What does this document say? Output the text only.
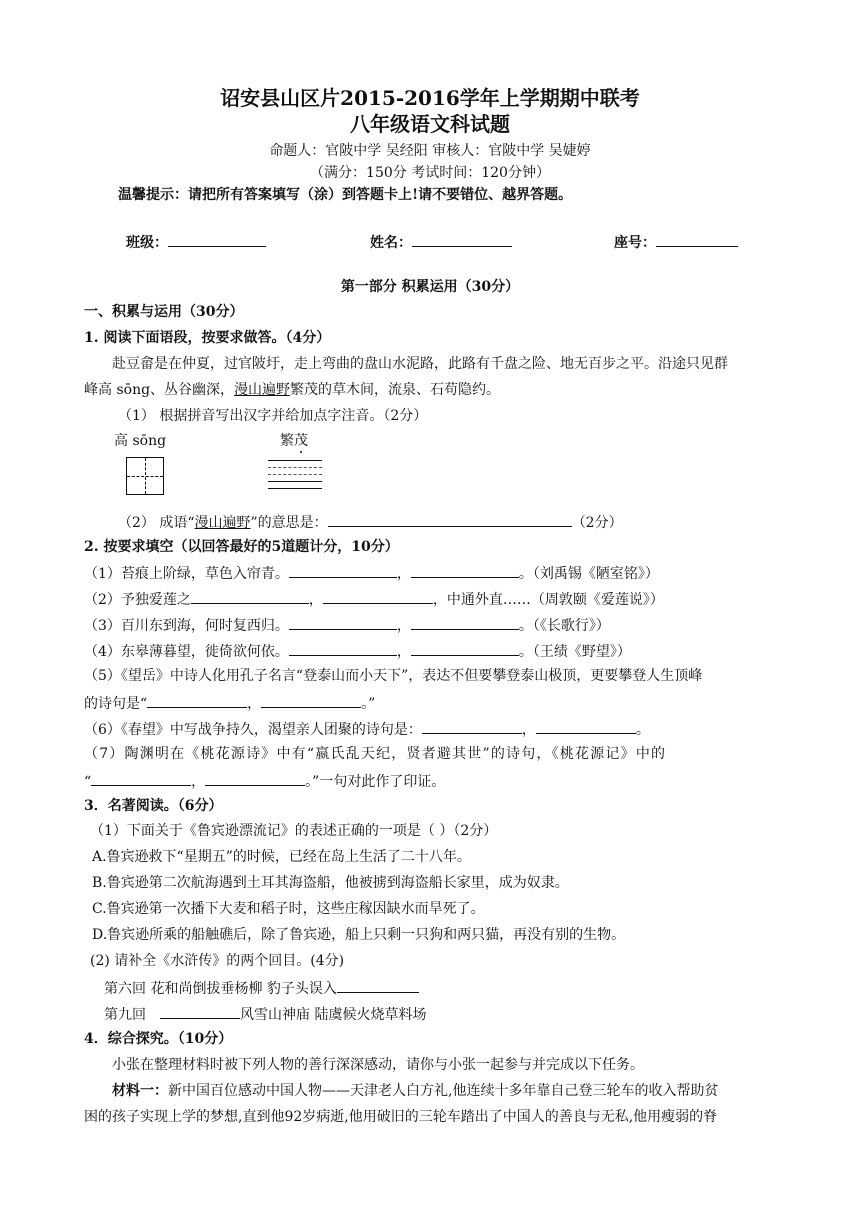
诏安县山区片2015-2016学年上学期期中联考
八年级语文科试题
命题人：官陂中学 吴经阳 审核人：官陂中学 吴婕婷
（满分：150分 考试时间：120分钟）
温馨提示：请把所有答案填写（涂）到答题卡上!请不要错位、越界答题。
班级：	姓名：	座号：
第一部分 积累运用（30分）
一、积累与运用（30分）
1. 阅读下面语段，按要求做答。（4分）
赴豆畲是在仲夏，过官陂圩，走上弯曲的盘山水泥路，此路有千盘之险、地无百步之平。沿途只见群
峰高 sōng、丛谷幽深，漫山遍野繁茂的草木间，流泉、石苟隐约。
（1） 根据拼音写出汉字并给加点字注音。（2分）
高 sōng	繁茂
（2） 成语“漫山遍野”的意思是：	（2分）
2. 按要求填空（以回答最好的5道题计分，10分）
（1）苔痕上阶绿，草色入帘青。	，	。（刘禹锡《陋室铭》）
（2）予独爱莲之	，	，中通外直……（周敦颐《爱莲说》）
（3）百川东到海，何时复西归。	，	。（《长歌行》）
（4）东皋薄暮望，徙倚欲何依。	，	。（王绩《野望》）
（5）《望岳》中诗人化用孔子名言“登泰山而小天下”，表达不但要攀登泰山极顶，更要攀登人生顶峰
的诗句是“	，	。”
（6）《春望》中写战争持久，渴望亲人团聚的诗句是：	，	。
（7）陶渊明在《桃花源诗》中有“嬴氏乱天纪，贤者避其世”的诗句，《桃花源记》中的
“	，	。”一句对此作了印证。
3．名著阅读。（6分）
（1）下面关于《鲁宾逊漂流记》的表述正确的一项是（ ）（2分）
A.鲁宾逊救下“星期五”的时候，已经在岛上生活了二十八年。
B.鲁宾逊第二次航海遇到土耳其海盗船，他被掳到海盗船长家里，成为奴隶。
C.鲁宾逊第一次播下大麦和稻子时，这些庄稼因缺水而旱死了。
D.鲁宾逊所乘的船触礁后，除了鲁宾逊，船上只剩一只狗和两只猫，再没有别的生物。
(2) 请补全《水浒传》的两个回目。(4分)
第六回 花和尚倒拔垂杨柳 豹子头误入
第九回	风雪山神庙 陆虞候火烧草料场
4．综合探究。（10分）
小张在整理材料时被下列人物的善行深深感动，请你与小张一起参与并完成以下任务。
材料一：新中国百位感动中国人物——天津老人白方礼,他连续十多年靠自己登三轮车的收入帮助贫
困的孩子实现上学的梦想,直到他92岁病逝,他用破旧的三轮车踏出了中国人的善良与无私,他用瘦弱的脊
